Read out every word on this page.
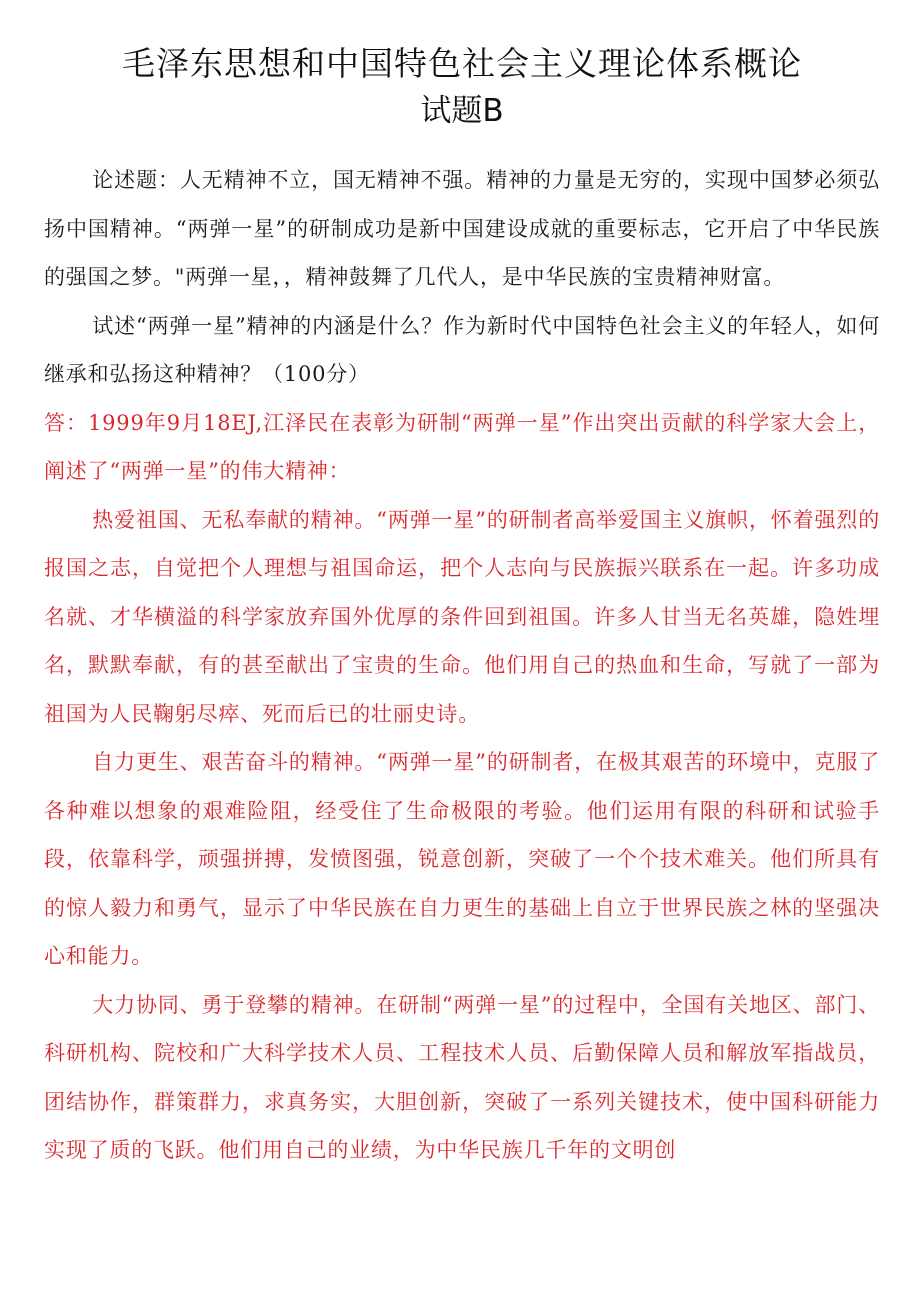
毛泽东思想和中国特色社会主义理论体系概论
试题B

论述题：人无精神不立，国无精神不强。精神的力量是无穷的，实现中国梦必须弘扬中国精神。“两弹一星”的研制成功是新中国建设成就的重要标志，它开启了中华民族的强国之梦。"两弹一星，，精神鼓舞了几代人，是中华民族的宝贵精神财富。

试述“两弹一星”精神的内涵是什么？作为新时代中国特色社会主义的年轻人，如何继承和弘扬这种精神？（100分）

答：1999年9月18EJ,江泽民在表彰为研制“两弹一星”作出突出贡献的科学家大会上，阐述了“两弹一星”的伟大精神：

热爱祖国、无私奉献的精神。“两弹一星”的研制者高举爱国主义旗帜，怀着强烈的报国之志，自觉把个人理想与祖国命运，把个人志向与民族振兴联系在一起。许多功成名就、才华横溢的科学家放弃国外优厚的条件回到祖国。许多人甘当无名英雄，隐姓埋名，默默奉献，有的甚至献出了宝贵的生命。他们用自己的热血和生命，写就了一部为祖国为人民鞠躬尽瘁、死而后已的壮丽史诗。

自力更生、艰苦奋斗的精神。“两弹一星”的研制者，在极其艰苦的环境中，克服了各种难以想象的艰难险阻，经受住了生命极限的考验。他们运用有限的科研和试验手段，依靠科学，顽强拼搏，发愤图强，锐意创新，突破了一个个技术难关。他们所具有的惊人毅力和勇气，显示了中华民族在自力更生的基础上自立于世界民族之林的坚强决心和能力。

大力协同、勇于登攀的精神。在研制“两弹一星”的过程中，全国有关地区、部门、科研机构、院校和广大科学技术人员、工程技术人员、后勤保障人员和解放军指战员，团结协作，群策群力，求真务实，大胆创新，突破了一系列关键技术，使中国科研能力实现了质的飞跃。他们用自己的业绩，为中华民族几千年的文明创
